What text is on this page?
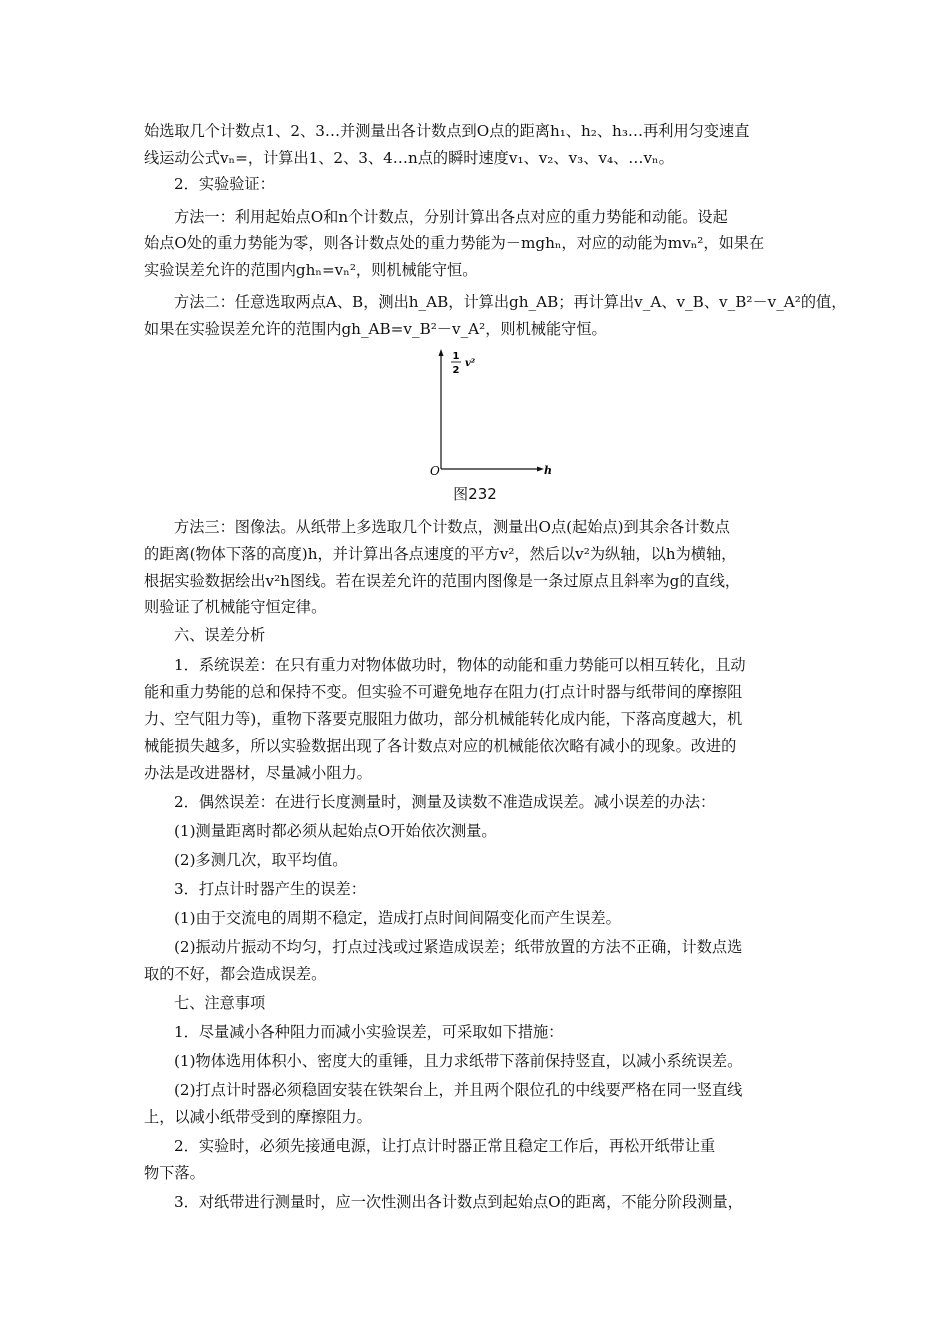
始选取几个计数点1、2、3…并测量出各计数点到O点的距离h₁、h₂、h₃…再利用匀变速直
线运动公式vₙ=，计算出1、2、3、4…n点的瞬时速度v₁、v₂、v₃、v₄、…vₙ。
2．实验验证：
方法一：利用起始点O和n个计数点，分别计算出各点对应的重力势能和动能。设起
始点O处的重力势能为零，则各计数点处的重力势能为－mghₙ，对应的动能为mvₙ²，如果在
实验误差允许的范围内ghₙ=vₙ²，则机械能守恒。
方法二：任意选取两点A、B，测出h_AB，计算出gh_AB；再计算出v_A、v_B、v_B²－v_A²的值，
如果在实验误差允许的范围内gh_AB=v_B²－v_A²，则机械能守恒。
方法三：图像法。从纸带上多选取几个计数点，测量出O点(起始点)到其余各计数点
的距离(物体下落的高度)h，并计算出各点速度的平方v²，然后以v²为纵轴，以h为横轴，
根据实验数据绘出v²h图线。若在误差允许的范围内图像是一条过原点且斜率为g的直线，
则验证了机械能守恒定律。
六、误差分析
1．系统误差：在只有重力对物体做功时，物体的动能和重力势能可以相互转化，且动
能和重力势能的总和保持不变。但实验不可避免地存在阻力(打点计时器与纸带间的摩擦阻
力、空气阻力等)，重物下落要克服阻力做功，部分机械能转化成内能，下落高度越大，机
械能损失越多，所以实验数据出现了各计数点对应的机械能依次略有减小的现象。改进的
办法是改进器材，尽量减小阻力。
2．偶然误差：在进行长度测量时，测量及读数不准造成误差。减小误差的办法：
(1)测量距离时都必须从起始点O开始依次测量。
(2)多测几次，取平均值。
3．打点计时器产生的误差：
(1)由于交流电的周期不稳定，造成打点时间间隔变化而产生误差。
(2)振动片振动不均匀，打点过浅或过紧造成误差；纸带放置的方法不正确，计数点选
取的不好，都会造成误差。
七、注意事项
1．尽量减小各种阻力而减小实验误差，可采取如下措施：
(1)物体选用体积小、密度大的重锤，且力求纸带下落前保持竖直，以减小系统误差。
(2)打点计时器必须稳固安装在铁架台上，并且两个限位孔的中线要严格在同一竖直线
上，以减小纸带受到的摩擦阻力。
2．实验时，必须先接通电源，让打点计时器正常且稳定工作后，再松开纸带让重
物下落。
3．对纸带进行测量时，应一次性测出各计数点到起始点O的距离，不能分阶段测量，
1
2
v²
O	h
图232
